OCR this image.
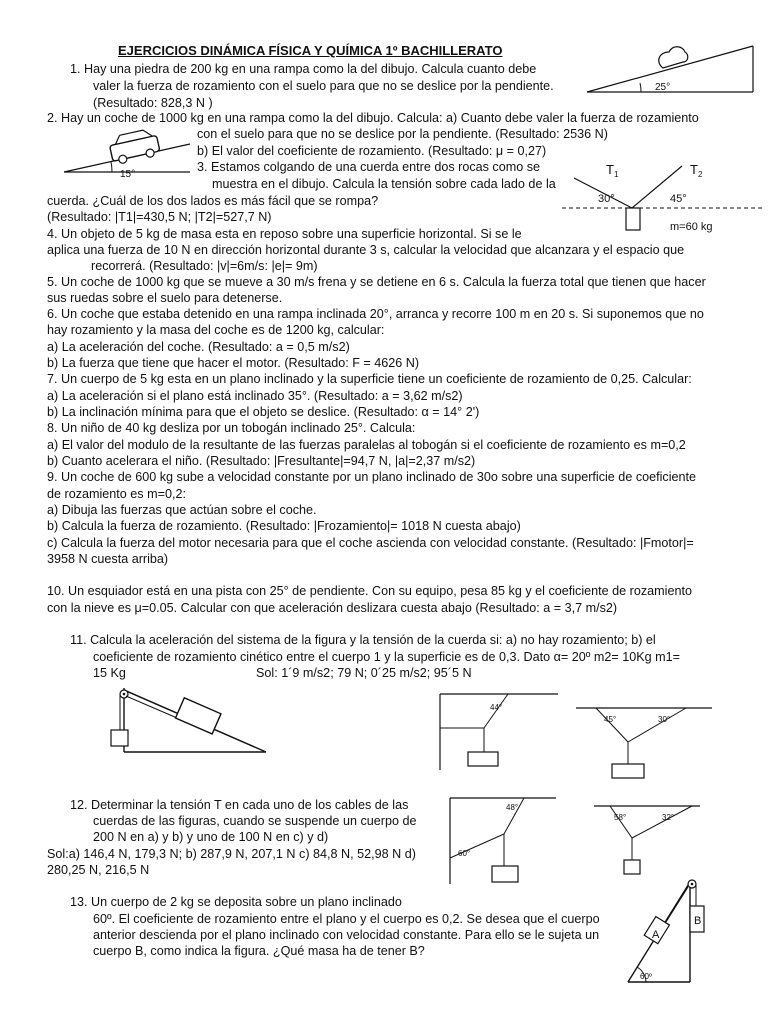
EJERCICIOS DINÁMICA FÍSICA Y QUÍMICA 1º BACHILLERATO
1. Hay una piedra de 200 kg en una rampa como la del dibujo. Calcula cuanto debe
valer la fuerza de rozamiento con el suelo para que no se deslice por la pendiente.
(Resultado: 828,3 N )
2. Hay un coche de 1000 kg en una rampa como la del dibujo. Calcula: a) Cuanto debe valer la fuerza de rozamiento
con el suelo para que no se deslice por la pendiente. (Resultado: 2536 N)
b) El valor del coeficiente de rozamiento. (Resultado: μ = 0,27)
3. Estamos colgando de una cuerda entre dos rocas como se
muestra en el dibujo. Calcula la tensión sobre cada lado de la
cuerda. ¿Cuál de los dos lados es más fácil que se rompa?
(Resultado: |T1|=430,5 N; |T2|=527,7 N)
4. Un objeto de 5 kg de masa esta en reposo sobre una superficie horizontal. Si se le
aplica una fuerza de 10 N en dirección horizontal durante 3 s, calcular la velocidad que alcanzara y el espacio que
recorrerá. (Resultado: |v|=6m/s: |e|= 9m)
5. Un coche de 1000 kg que se mueve a 30 m/s frena y se detiene en 6 s. Calcula la fuerza total que tienen que hacer
sus ruedas sobre el suelo para detenerse.
6. Un coche que estaba detenido en una rampa inclinada 20°, arranca y recorre 100 m en 20 s. Si suponemos que no
hay rozamiento y la masa del coche es de 1200 kg, calcular:
a) La aceleración del coche. (Resultado: a = 0,5 m/s2)
b) La fuerza que tiene que hacer el motor. (Resultado: F = 4626 N)
7. Un cuerpo de 5 kg esta en un plano inclinado y la superficie tiene un coeficiente de rozamiento de 0,25. Calcular:
a) La aceleración si el plano está inclinado 35°. (Resultado: a = 3,62 m/s2)
b) La inclinación mínima para que el objeto se deslice. (Resultado: α = 14° 2')
8. Un niño de 40 kg desliza por un tobogán inclinado 25°. Calcula:
a) El valor del modulo de la resultante de las fuerzas paralelas al tobogán si el coeficiente de rozamiento es m=0,2
b) Cuanto acelerara el niño. (Resultado: |Fresultante|=94,7 N, |a|=2,37 m/s2)
9. Un coche de 600 kg sube a velocidad constante por un plano inclinado de 30o sobre una superficie de coeficiente
de rozamiento es m=0,2:
a) Dibuja las fuerzas que actúan sobre el coche.
b) Calcula la fuerza de rozamiento. (Resultado: |Frozamiento|= 1018 N cuesta abajo)
c) Calcula la fuerza del motor necesaria para que el coche ascienda con velocidad constante. (Resultado: |Fmotor|=
3958 N cuesta arriba)
10. Un esquiador está en una pista con 25° de pendiente. Con su equipo, pesa 85 kg y el coeficiente de rozamiento
con la nieve es μ=0.05. Calcular con que aceleración deslizara cuesta abajo (Resultado: a = 3,7 m/s2)
11. Calcula la aceleración del sistema de la figura y la tensión de la cuerda si: a) no hay rozamiento; b) el
coeficiente de rozamiento cinético entre el cuerpo 1 y la superficie es de 0,3. Dato α= 20º m2= 10Kg m1=
15 Kg	Sol: 1´9 m/s2; 79 N; 0´25 m/s2; 95´5 N
12. Determinar la tensión T en cada uno de los cables de las
cuerdas de las figuras, cuando se suspende un cuerpo de
200 N en a) y b) y uno de 100 N en c) y d)
Sol:a) 146,4 N, 179,3 N; b) 287,9 N, 207,1 N c) 84,8 N, 52,98 N d)
280,25 N, 216,5 N
13. Un cuerpo de 2 kg se deposita sobre un plano inclinado
60º. El coeficiente de rozamiento entre el plano y el cuerpo es 0,2. Se desea que el cuerpo
anterior descienda por el plano inclinado con velocidad constante. Para ello se le sujeta un
cuerpo B, como indica la figura. ¿Qué masa ha de tener B?
25°
15°	$T_1$	$T_2$
30°	45°
m=60 kg
44°
45°	30°
48°
60°
58°	32°
B
A
60º
